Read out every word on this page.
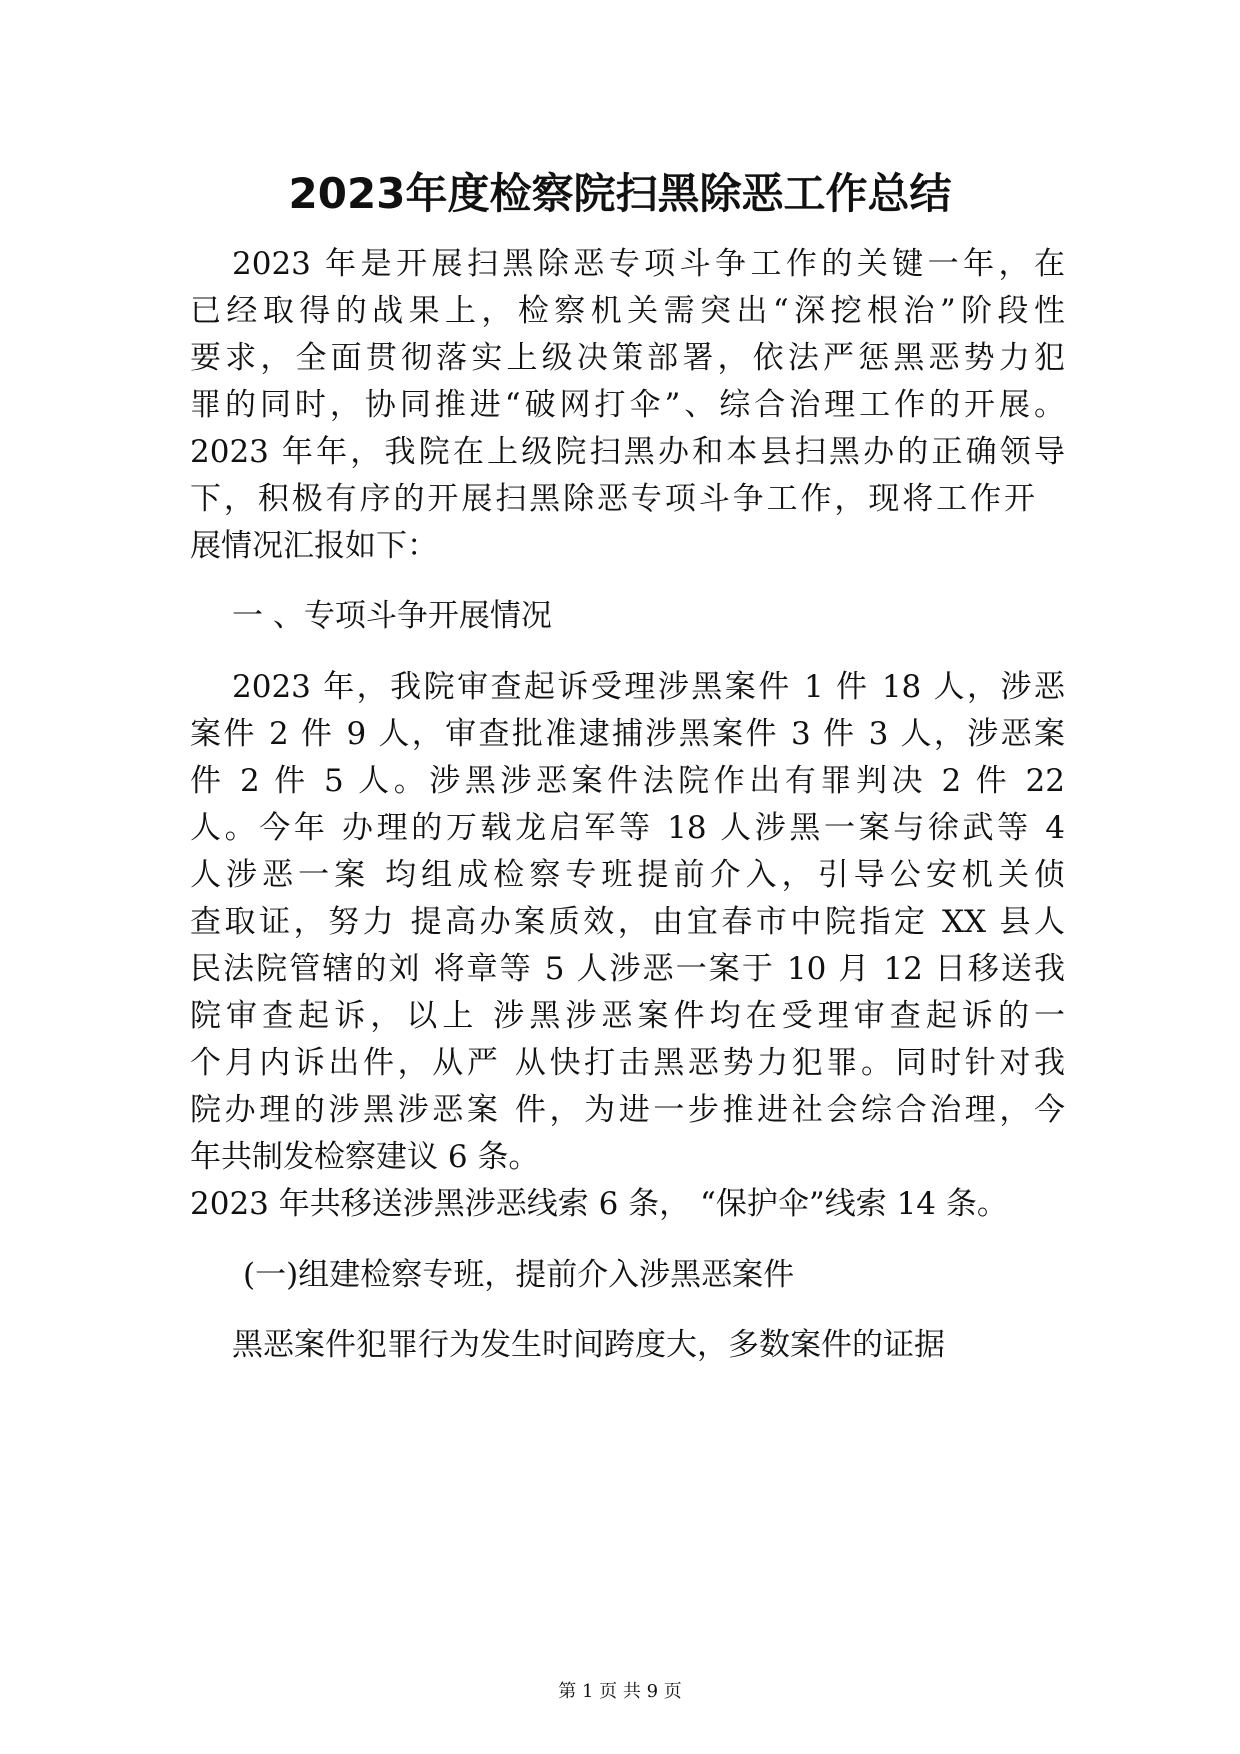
2023年度检察院扫黑除恶工作总结
2023 年是开展扫黑除恶专项斗争工作的关键一年，在
已经取得的战果上，检察机关需突出“深挖根治”阶段性
要求，全面贯彻落实上级决策部署，依法严惩黑恶势力犯
罪的同时，协同推进“破网打伞”、综合治理工作的开展。
2023 年年，我院在上级院扫黑办和本县扫黑办的正确领导
下，积极有序的开展扫黑除恶专项斗争工作，现将工作开
展情况汇报如下：
一 、专项斗争开展情况
2023 年，我院审查起诉受理涉黑案件 1 件 18 人，涉恶
案件 2 件 9 人，审查批准逮捕涉黑案件 3 件 3 人，涉恶案
件 2 件 5 人。涉黑涉恶案件法院作出有罪判决 2 件 22
人。今年 办理的万载龙启军等 18 人涉黑一案与徐武等 4
人涉恶一案 均组成检察专班提前介入，引导公安机关侦
查取证，努力 提高办案质效，由宜春市中院指定 XX 县人
民法院管辖的刘 将章等 5 人涉恶一案于 10 月 12 日移送我
院审查起诉，以上 涉黑涉恶案件均在受理审查起诉的一
个月内诉出件，从严 从快打击黑恶势力犯罪。同时针对我
院办理的涉黑涉恶案 件，为进一步推进社会综合治理，今
年共制发检察建议 6 条。
2023 年共移送涉黑涉恶线索 6 条， “保护伞”线索 14 条。
(一)组建检察专班，提前介入涉黑恶案件
黑恶案件犯罪行为发生时间跨度大，多数案件的证据
第 1 页 共 9 页
